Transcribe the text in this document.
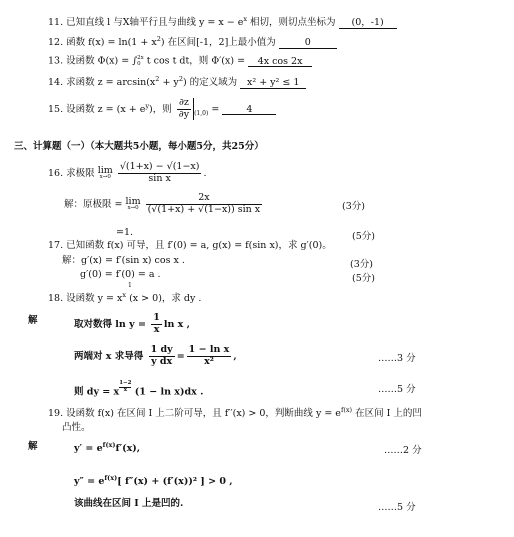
11. 已知直线 l 与X轴平行且与曲线 $y = x - e^x$ 相切，则切点坐标为 (0，-1)
12. 函数 $f(x) = \ln(1 + x^2)$ 在区间[-1，2]上最小值为	0
13. 设函数 Φ(x) = ∫ 2x
0 t cos t dt，则 Φ′(x) = 4x cos 2x
14. 求函数 $z = \arcsin(x^2 + y^2)$ 的定义域为 x² + y² ≤ 1
15. 设函数 $z = (x + e^y)$，则 $\frac{\partial z}{\partial y} _{(1,0)}$ =	4
三、计算题（一）（本大题共5小题，每小题5分，共25分）
16. 求极限 lim
x→0
$\frac{√(1+x) - √(1-x)}{\text{sin x}}$ .
解：原极限 = lim
x→0
$\frac{2x}{\text{(√(1+x) + √(1−x)) sin x}}$	(3分)
=1.	(5分)
17. 已知函数 f(x) 可导，且 f′(0) = a, g(x) = f(sin x)，求 g′(0)。
解：g′(x) = f′(sin x) cos x .	(3分)
g′(0) = f′(0) = a .	(5分)
1
18. 设函数 $y = x^x$ (x > 0)，求 dy .
解	取对数得 $\ln y = \frac{1}{x}$ ln x ,
两端对 x 求导得 $\frac{1 dy}{\text{y dx}} = \frac{\text{1 − ln x}}{\text{x²}}$ ,	……3 分
则 dy = x $\frac{1-2}{x} (1 - \ln x)dx$ .	……5 分
19. 设函数 f(x) 在区间 I 上二阶可导，且 f′′(x) > 0，判断曲线 $y = e^{f(x)}$ 在区间 I 上的凹
凸性。
解	$y' = e^{f(x)}f'(x)$,	……2 分
$y'' = e^{f(x)}$[ f″(x) + (f′(x))² ] > 0 ,
该曲线在区间 I 上是凹的.	……5 分
